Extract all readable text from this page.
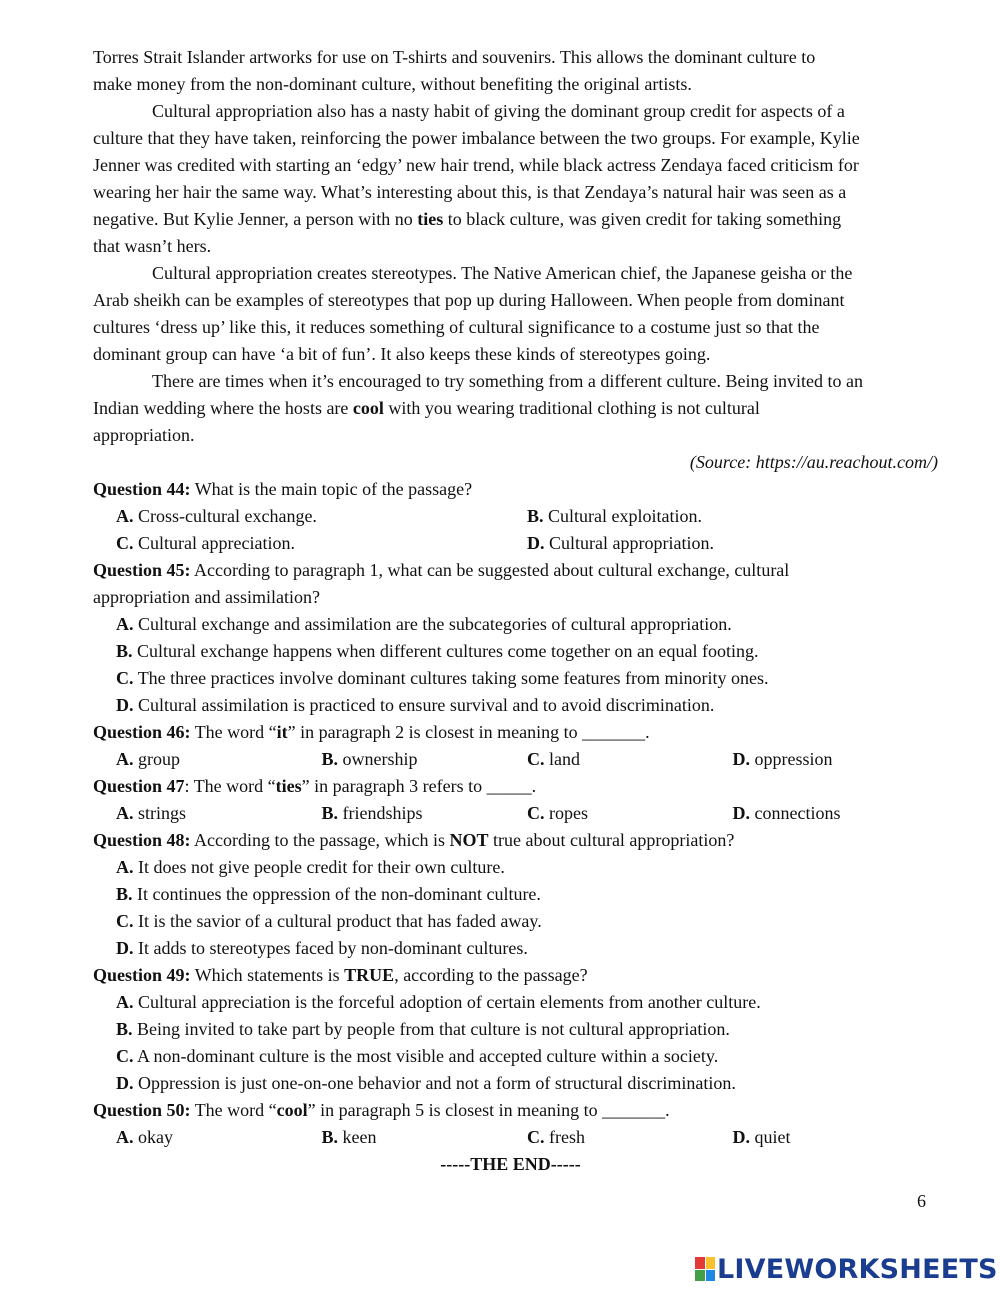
Torres Strait Islander artworks for use on T-shirts and souvenirs. This allows the dominant culture to
make money from the non-dominant culture, without benefiting the original artists.
Cultural appropriation also has a nasty habit of giving the dominant group credit for aspects of a
culture that they have taken, reinforcing the power imbalance between the two groups. For example, Kylie
Jenner was credited with starting an ‘edgy’ new hair trend, while black actress Zendaya faced criticism for
wearing her hair the same way. What’s interesting about this, is that Zendaya’s natural hair was seen as a
negative. But Kylie Jenner, a person with no ties to black culture, was given credit for taking something
that wasn’t hers.
Cultural appropriation creates stereotypes. The Native American chief, the Japanese geisha or the
Arab sheikh can be examples of stereotypes that pop up during Halloween. When people from dominant
cultures ‘dress up’ like this, it reduces something of cultural significance to a costume just so that the
dominant group can have ‘a bit of fun’. It also keeps these kinds of stereotypes going.
There are times when it’s encouraged to try something from a different culture. Being invited to an
Indian wedding where the hosts are cool with you wearing traditional clothing is not cultural
appropriation.
(Source: https://au.reachout.com/)
Question 44: What is the main topic of the passage?
A. Cross-cultural exchange.	B. Cultural exploitation.
C. Cultural appreciation.	D. Cultural appropriation.
Question 45: According to paragraph 1, what can be suggested about cultural exchange, cultural
appropriation and assimilation?
A. Cultural exchange and assimilation are the subcategories of cultural appropriation.
B. Cultural exchange happens when different cultures come together on an equal footing.
C. The three practices involve dominant cultures taking some features from minority ones.
D. Cultural assimilation is practiced to ensure survival and to avoid discrimination.
Question 46: The word “it” in paragraph 2 is closest in meaning to _______.
A. group	B. ownership	C. land	D. oppression
Question 47: The word “ties” in paragraph 3 refers to _____.
A. strings	B. friendships	C. ropes	D. connections
Question 48: According to the passage, which is NOT true about cultural appropriation?
A. It does not give people credit for their own culture.
B. It continues the oppression of the non-dominant culture.
C. It is the savior of a cultural product that has faded away.
D. It adds to stereotypes faced by non-dominant cultures.
Question 49: Which statements is TRUE, according to the passage?
A. Cultural appreciation is the forceful adoption of certain elements from another culture.
B. Being invited to take part by people from that culture is not cultural appropriation.
C. A non-dominant culture is the most visible and accepted culture within a society.
D. Oppression is just one-on-one behavior and not a form of structural discrimination.
Question 50: The word “cool” in paragraph 5 is closest in meaning to _______.
A. okay	B. keen	C. fresh	D. quiet
-----THE END-----
6
LIVEWORKSHEETS
